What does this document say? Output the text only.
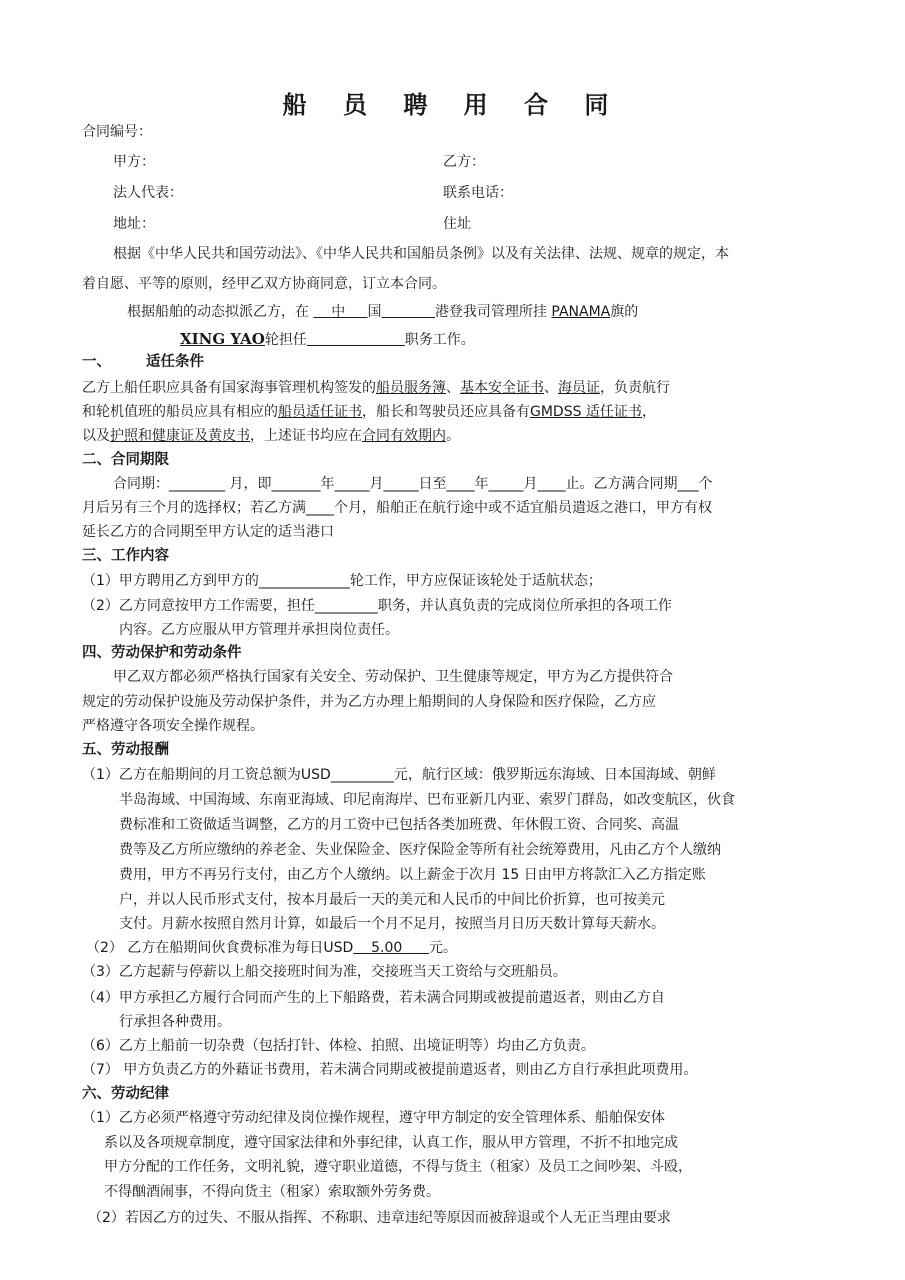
船 员 聘 用 合 同
合同编号：
甲方：	乙方：
法人代表：	联系电话：
地址：	住址
根据《中华人民共和国劳动法》、《中华人民共和国船员条例》以及有关法律、法规、规章的规定，本
着自愿、平等的原则，经甲乙双方协商同意，订立本合同。
根据船舶的动态拟派乙方，在 中 国	港登我司管理所挂 PANAMA旗的
XING YAO轮担任	职务工作。
一、 适任条件
乙方上船任职应具备有国家海事管理机构签发的船员服务簿、基本安全证书、海员证，负责航行
和轮机值班的船员应具有相应的船员适任证书，船长和驾驶员还应具备有GMDSS 适任证书，
以及护照和健康证及黄皮书，上述证书均应在合同有效期内。
二、合同期限
合同期：________ 月，即_______年_____月_____日至____年_____月____止。乙方满合同期___个
月后另有三个月的选择权；若乙方满____个月，船舶正在航行途中或不适宜船员遣返之港口，甲方有权
延长乙方的合同期至甲方认定的适当港口
三、工作内容
（1）甲方聘用乙方到甲方的_____________轮工作，甲方应保证该轮处于适航状态；
（2）乙方同意按甲方工作需要，担任_________职务，并认真负责的完成岗位所承担的各项工作
内容。乙方应服从甲方管理并承担岗位责任。
四、劳动保护和劳动条件
甲乙双方都必须严格执行国家有关安全、劳动保护、卫生健康等规定，甲方为乙方提供符合
规定的劳动保护设施及劳动保护条件，并为乙方办理上船期间的人身保险和医疗保险，乙方应
严格遵守各项安全操作规程。
五、劳动报酬
（1）乙方在船期间的月工资总额为USD_________元，航行区域：俄罗斯远东海域、日本国海域、朝鲜
半岛海域、中国海域、东南亚海域、印尼南海岸、巴布亚新几内亚、索罗门群岛，如改变航区，伙食
费标准和工资做适当调整，乙方的月工资中已包括各类加班费、年休假工资、合同奖、高温
费等及乙方所应缴纳的养老金、失业保险金、医疗保险金等所有社会统筹费用，凡由乙方个人缴纳
费用，甲方不再另行支付，由乙方个人缴纳。以上薪金于次月 15 日由甲方将款汇入乙方指定账
户，并以人民币形式支付，按本月最后一天的美元和人民币的中间比价折算，也可按美元
支付。月薪水按照自然月计算，如最后一个月不足月，按照当月日历天数计算每天薪水。
（2） 乙方在船期间伙食费标准为每日USD 5.00 元。
（3）乙方起薪与停薪以上船交接班时间为准，交接班当天工资给与交班船员。
（4）甲方承担乙方履行合同而产生的上下船路费，若未满合同期或被提前遣返者，则由乙方自
行承担各种费用。
（6）乙方上船前一切杂费（包括打针、体检、拍照、出境证明等）均由乙方负责。
（7） 甲方负责乙方的外藉证书费用，若未满合同期或被提前遣返者，则由乙方自行承担此项费用。
六、劳动纪律
（1）乙方必须严格遵守劳动纪律及岗位操作规程，遵守甲方制定的安全管理体系、船舶保安体
系以及各项规章制度，遵守国家法律和外事纪律，认真工作，服从甲方管理，不折不扣地完成
甲方分配的工作任务，文明礼貌，遵守职业道德，不得与货主（租家）及员工之间吵架、斗殴，
不得酗酒闹事，不得向货主（租家）索取额外劳务费。
（2）若因乙方的过失、不服从指挥、不称职、违章违纪等原因而被辞退或个人无正当理由要求
